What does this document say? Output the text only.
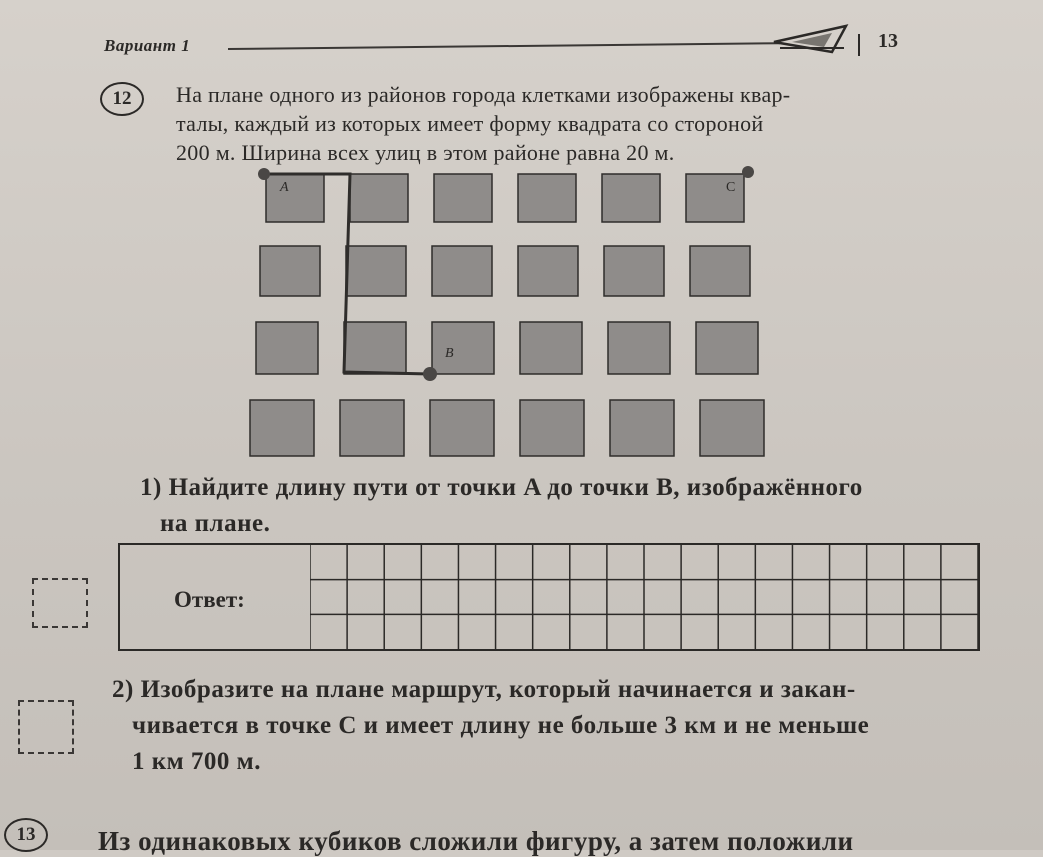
Вариант 1	13
12	На плане одного из районов города клетками изображены квар-
талы, каждый из которых имеет форму квадрата со стороной
200 м. Ширина всех улиц в этом районе равна 20 м.
A
B
C
1) Найдите длину пути от точки A до точки B, изображённого
на плане.
Ответ:
2) Изобразите на плане маршрут, который начинается и закан-
чивается в точке C и имеет длину не больше 3 км и не меньше
1 км 700 м.
13	Из одинаковых кубиков сложили фигуру, а затем положили
